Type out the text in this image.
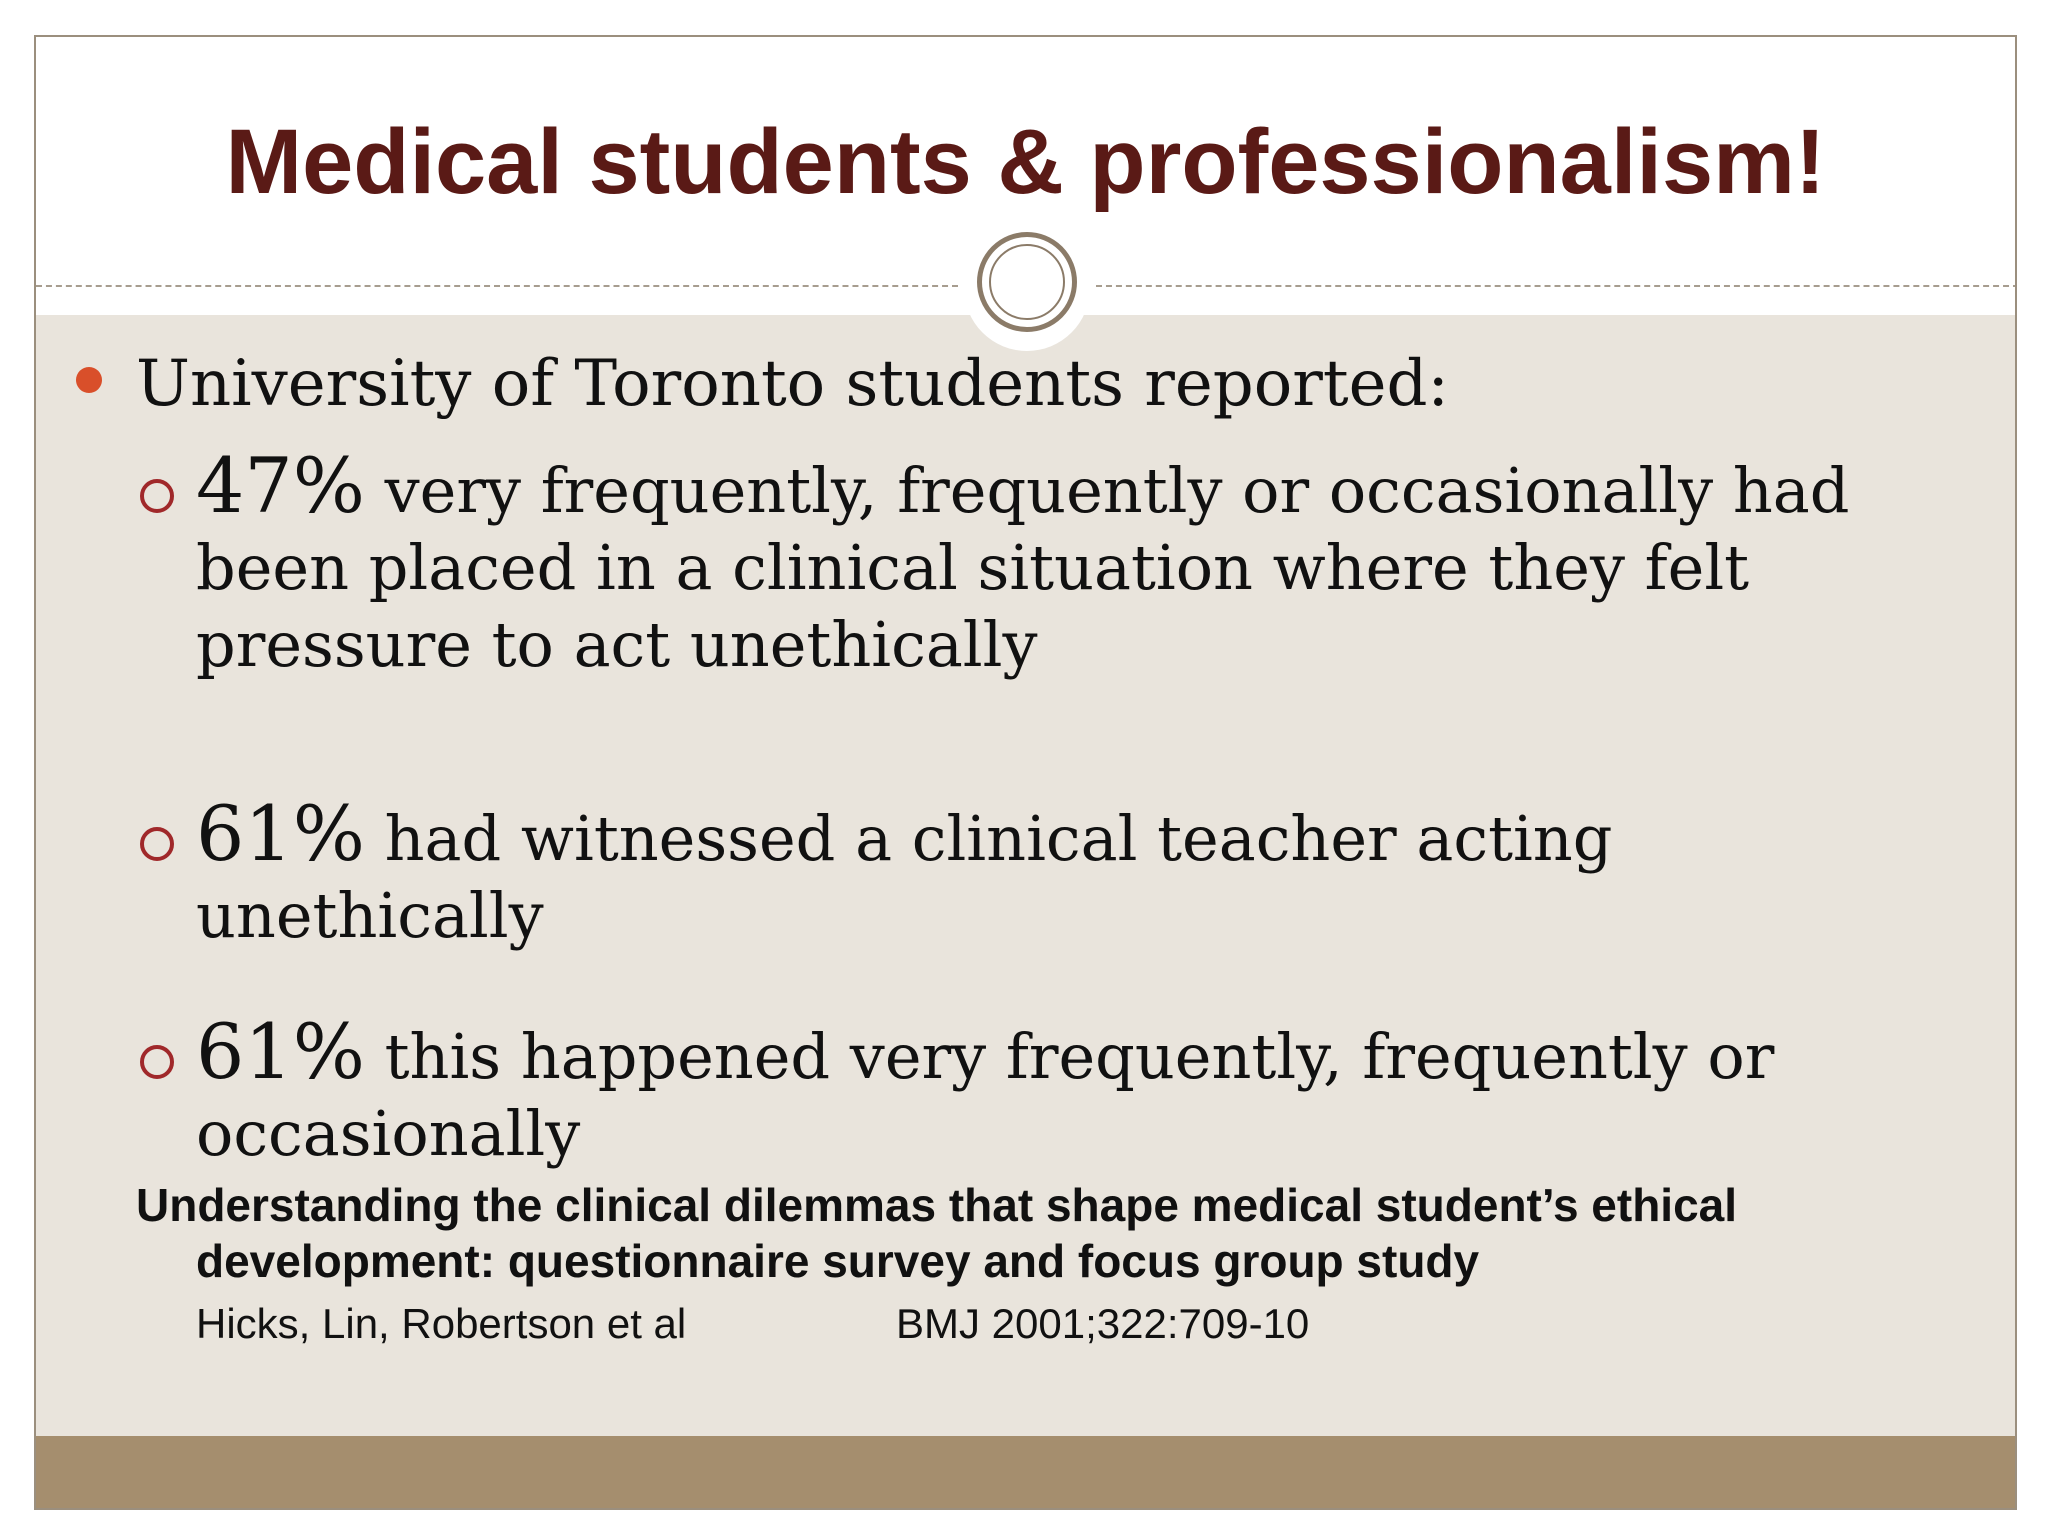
Medical students & professionalism!

University of Toronto students reported:

47% very frequently, frequently or occasionally had been placed in a clinical situation where they felt pressure to act unethically

61% had witnessed a clinical teacher acting unethically

61% this happened very frequently, frequently or occasionally

Understanding the clinical dilemmas that shape medical student’s ethical
development: questionnaire survey and focus group study

Hicks, Lin, Robertson et al	BMJ 2001;322:709-10
